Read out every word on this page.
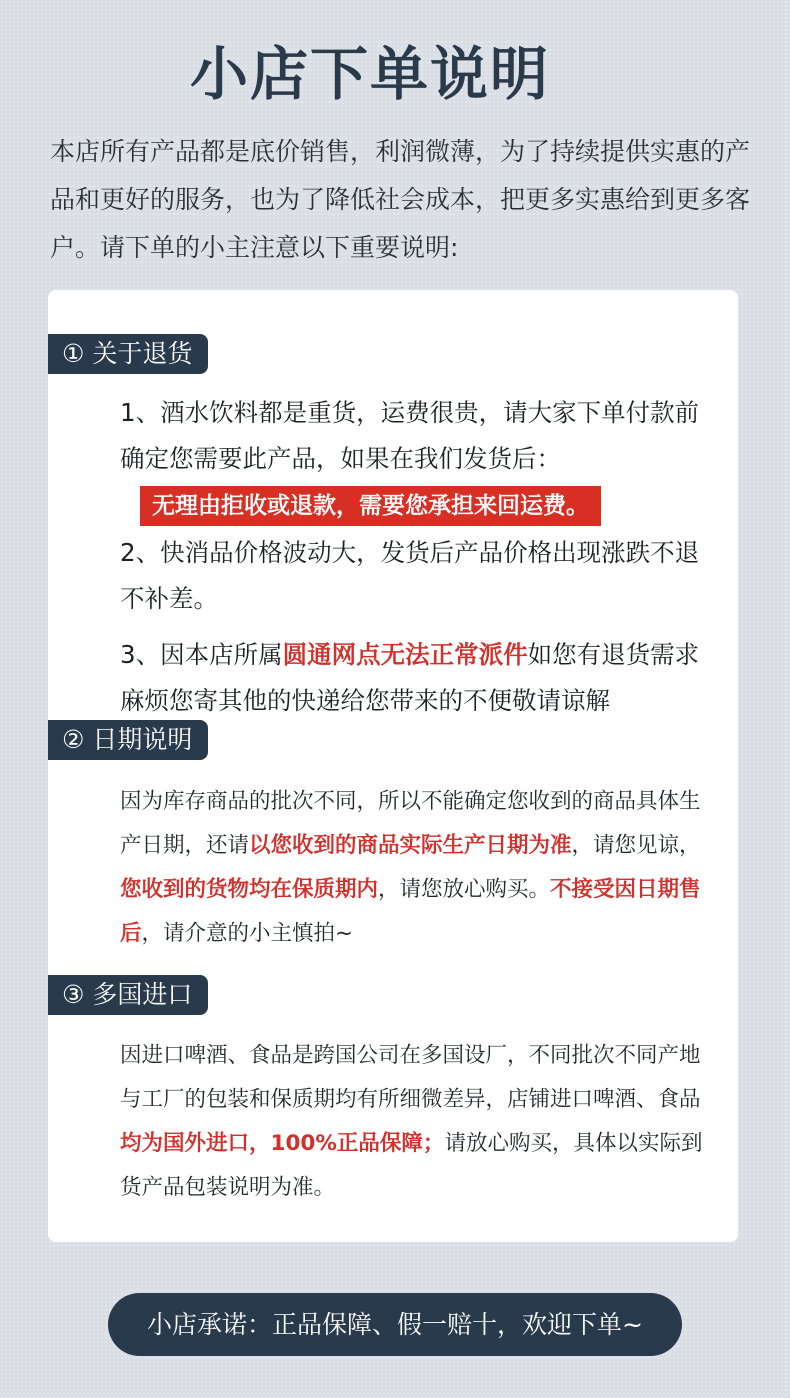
小店下单说明
本店所有产品都是底价销售，利润微薄，为了持续提供实惠的产品和更好的服务，也为了降低社会成本，把更多实惠给到更多客户。请下单的小主注意以下重要说明:
① 关于退货
1、酒水饮料都是重货，运费很贵，请大家下单付款前确定您需要此产品，如果在我们发货后：
无理由拒收或退款，需要您承担来回运费。
2、快消品价格波动大，发货后产品价格出现涨跌不退不补差。
3、因本店所属圆通网点无法正常派件如您有退货需求麻烦您寄其他的快递给您带来的不便敬请谅解
② 日期说明
因为库存商品的批次不同，所以不能确定您收到的商品具体生产日期，还请以您收到的商品实际生产日期为准，请您见谅，您收到的货物均在保质期内，请您放心购买。不接受因日期售后，请介意的小主慎拍~
③ 多国进口
因进口啤酒、食品是跨国公司在多国设厂，不同批次不同产地与工厂的包装和保质期均有所细微差异，店铺进口啤酒、食品均为国外进口，100%正品保障；请放心购买，具体以实际到货产品包装说明为准。
小店承诺：正品保障、假一赔十，欢迎下单~
